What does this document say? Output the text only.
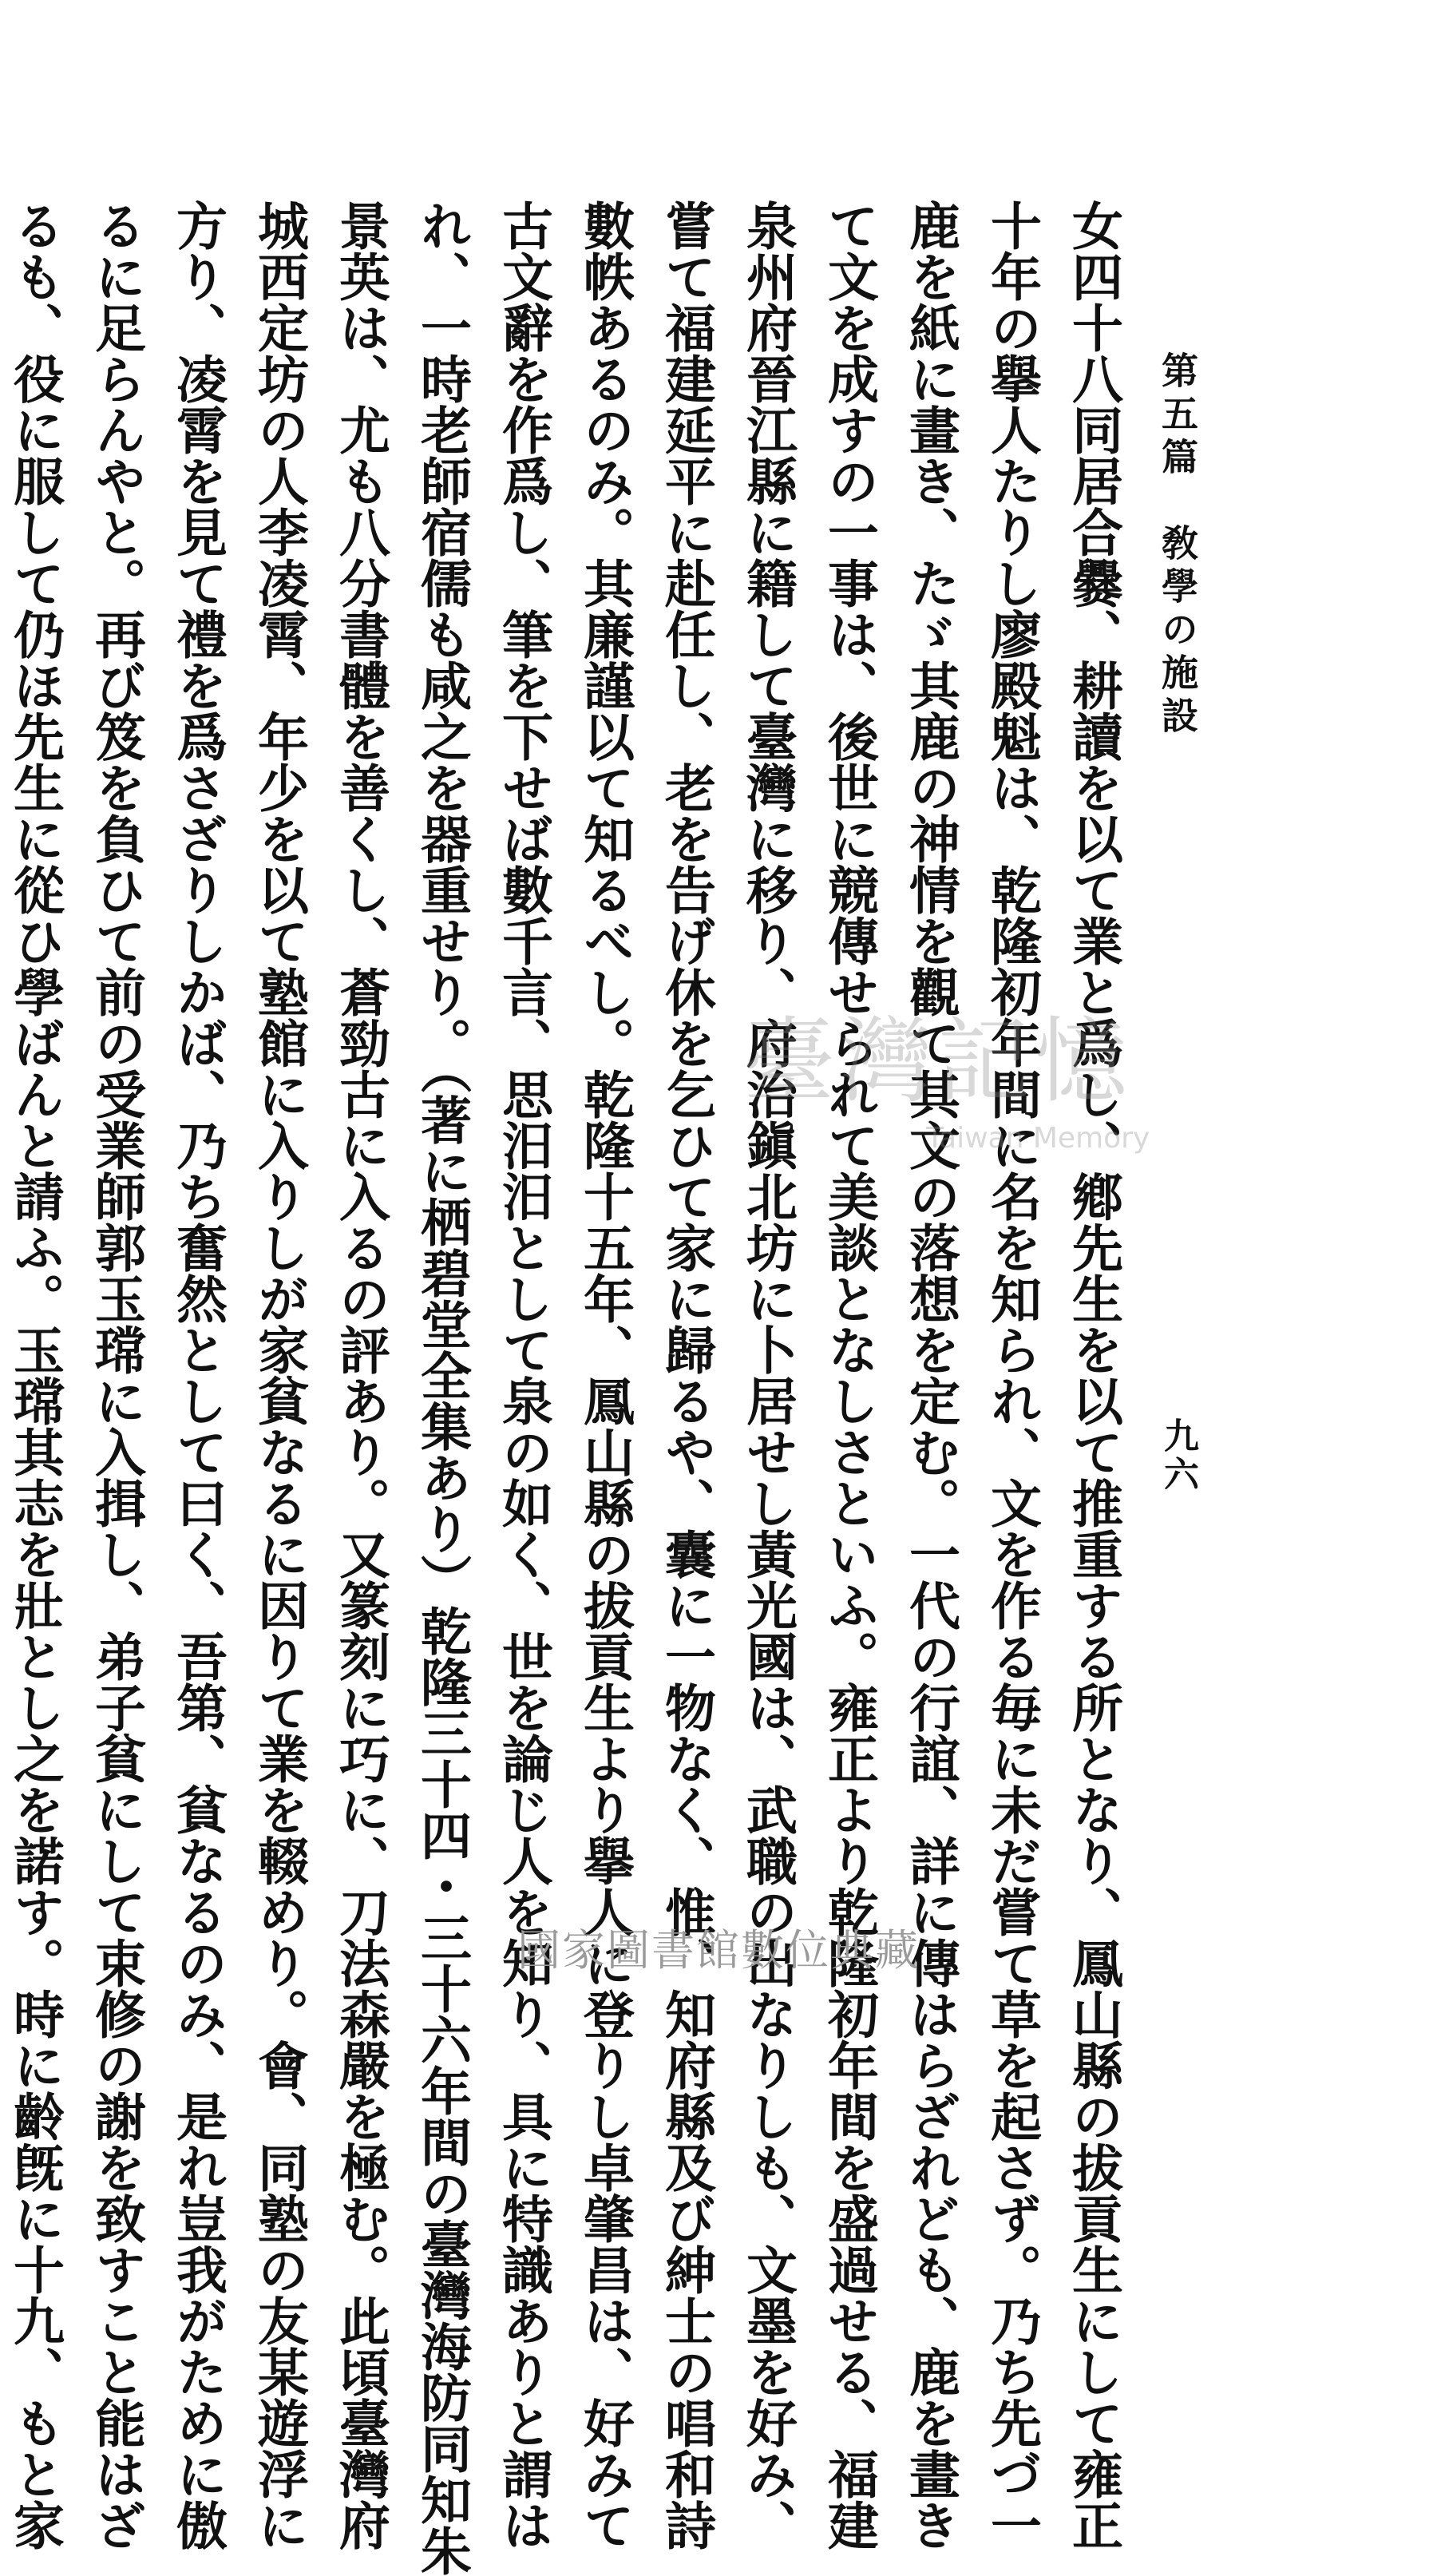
第五篇　敎學の施設
九六

女四十八同居合爨、耕讀を以て業と爲し、鄕先生を以て推重する所となり、鳳山縣の拔貢生にして雍正

十年の擧人たりし廖殿魁は、乾隆初年間に名を知られ、文を作る毎に未だ嘗て草を起さず。乃ち先づ一

鹿を紙に畫き、たゞ其鹿の神情を觀て其文の落想を定む。一代の行誼、詳に傳はらざれども、鹿を畫き

て文を成すの一事は、後世に競傳せられて美談となしさといふ。雍正より乾隆初年間を盛過せる、福建

泉州府晉江縣に籍して臺灣に移り、府治鎭北坊に卜居せし黃光國は、武職の出なりしも、文墨を好み、

嘗て福建延平に赴任し、老を告げ休を乞ひて家に歸るや、囊に一物なく、惟、知府縣及び紳士の唱和詩

數帙あるのみ。其廉謹以て知るべし。乾隆十五年、鳳山縣の拔貢生より擧人に登りし卓肇昌は、好みて

古文辭を作爲し、筆を下せば數千言、思汨汨として泉の如く、世を論じ人を知り、具に特識ありと謂は

れ、一時老師宿儒も咸之を器重せり。（著に栖碧堂全集あり）乾隆三十四・三十六年間の臺灣海防同知朱

景英は、尤も八分書體を善くし、蒼勁古に入るの評あり。又篆刻に巧に、刀法森嚴を極む。此頃臺灣府

城西定坊の人李凌霄、年少を以て塾館に入りしが家貧なるに因りて業を輟めり。會、同塾の友某遊浮に

方り、凌霄を見て禮を爲さざりしかば、乃ち奮然として曰く、吾第、貧なるのみ、是れ豈我がために傲

るに足らんやと。再び笈を負ひて前の受業師郭玉瑺に入揖し、弟子貧にして束修の謝を致すこと能はざ

るも、役に服して仍ほ先生に從ひ學ばんと請ふ。玉瑺其志を壯とし之を諾す。時に齡旣に十九、もと家	臺灣記憶
Taiwan Memory
國家圖書館數位典藏
